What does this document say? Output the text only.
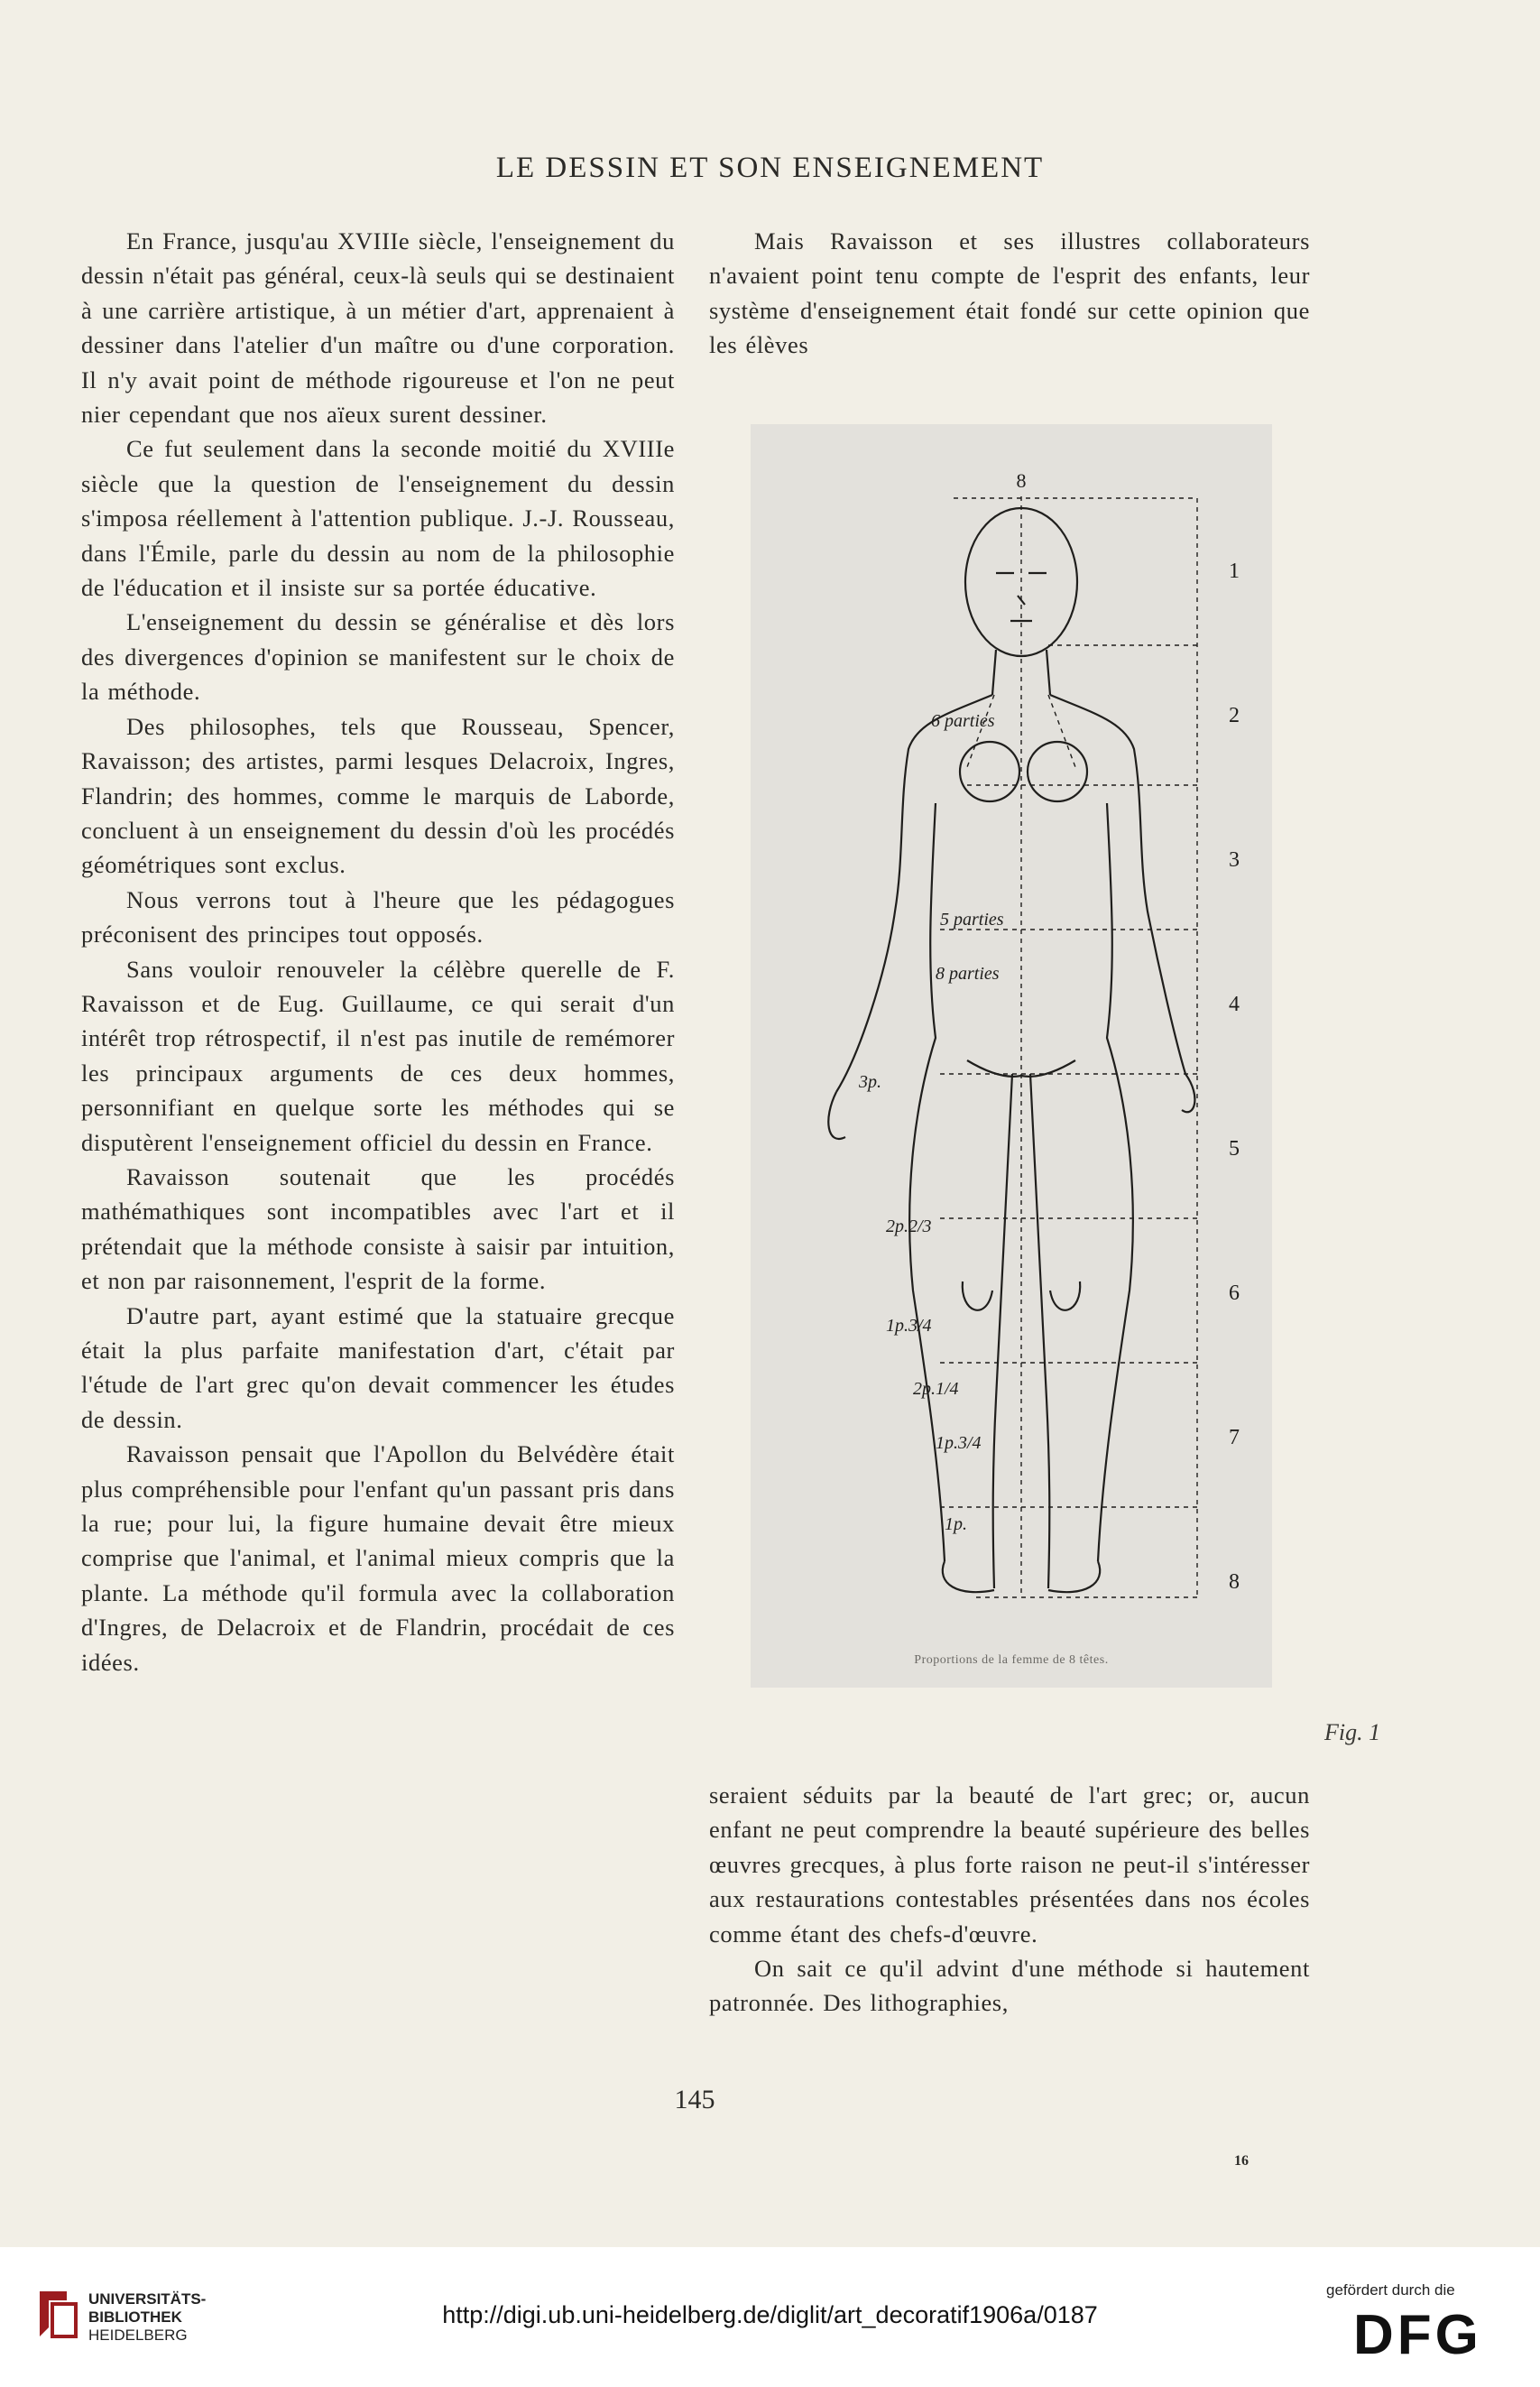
LE DESSIN ET SON ENSEIGNEMENT

En France, jusqu'au XVIIIe siècle, l'enseignement du dessin n'était pas général, ceux-là seuls qui se destinaient à une carrière artistique, à un métier d'art, apprenaient à dessiner dans l'atelier d'un maître ou d'une corporation. Il n'y avait point de méthode rigoureuse et l'on ne peut nier cependant que nos aïeux surent dessiner.

Ce fut seulement dans la seconde moitié du XVIIIe siècle que la question de l'enseignement du dessin s'imposa réellement à l'attention publique. J.-J. Rousseau, dans l'Émile, parle du dessin au nom de la philosophie de l'éducation et il insiste sur sa portée éducative.

L'enseignement du dessin se généralise et dès lors des divergences d'opinion se manifestent sur le choix de la méthode.

Des philosophes, tels que Rousseau, Spencer, Ravaisson; des artistes, parmi lesques Delacroix, Ingres, Flandrin; des hommes, comme le marquis de Laborde, concluent à un enseignement du dessin d'où les procédés géométriques sont exclus.

Nous verrons tout à l'heure que les pédagogues préconisent des principes tout opposés.

Sans vouloir renouveler la célèbre querelle de F. Ravaisson et de Eug. Guillaume, ce qui serait d'un intérêt trop rétrospectif, il n'est pas inutile de remémorer les principaux arguments de ces deux hommes, personnifiant en quelque sorte les méthodes qui se disputèrent l'enseignement officiel du dessin en France.

Ravaisson soutenait que les procédés mathémathiques sont incompatibles avec l'art et il prétendait que la méthode consiste à saisir par intuition, et non par raisonnement, l'esprit de la forme.

D'autre part, ayant estimé que la statuaire grecque était la plus parfaite manifestation d'art, c'était par l'étude de l'art grec qu'on devait commencer les études de dessin.

Ravaisson pensait que l'Apollon du Belvédère était plus compréhensible pour l'enfant qu'un passant pris dans la rue; pour lui, la figure humaine devait être mieux comprise que l'animal, et l'animal mieux compris que la plante. La méthode qu'il formula avec la collaboration d'Ingres, de Delacroix et de Flandrin, procédait de ces idées.

Mais Ravaisson et ses illustres collaborateurs n'avaient point tenu compte de l'esprit des enfants, leur système d'enseignement était fondé sur cette opinion que les élèves

8
1
2
3
4
5
6
7
8
6 parties
5 parties
8 parties
3p.
2p.2/3
1p.3/4
2p.1/4
1p.3/4
1p.
Proportions de la femme de 8 têtes.
Fig. 1

seraient séduits par la beauté de l'art grec; or, aucun enfant ne peut comprendre la beauté supérieure des belles œuvres grecques, à plus forte raison ne peut-il s'intéresser aux restaurations contestables présentées dans nos écoles comme étant des chefs-d'œuvre.

On sait ce qu'il advint d'une méthode si hautement patronnée. Des lithographies,

145
16
UNIVERSITÄTS-
BIBLIOTHEK
HEIDELBERG
http://digi.ub.uni-heidelberg.de/diglit/art_decoratif1906a/0187
gefördert durch die
DFG
